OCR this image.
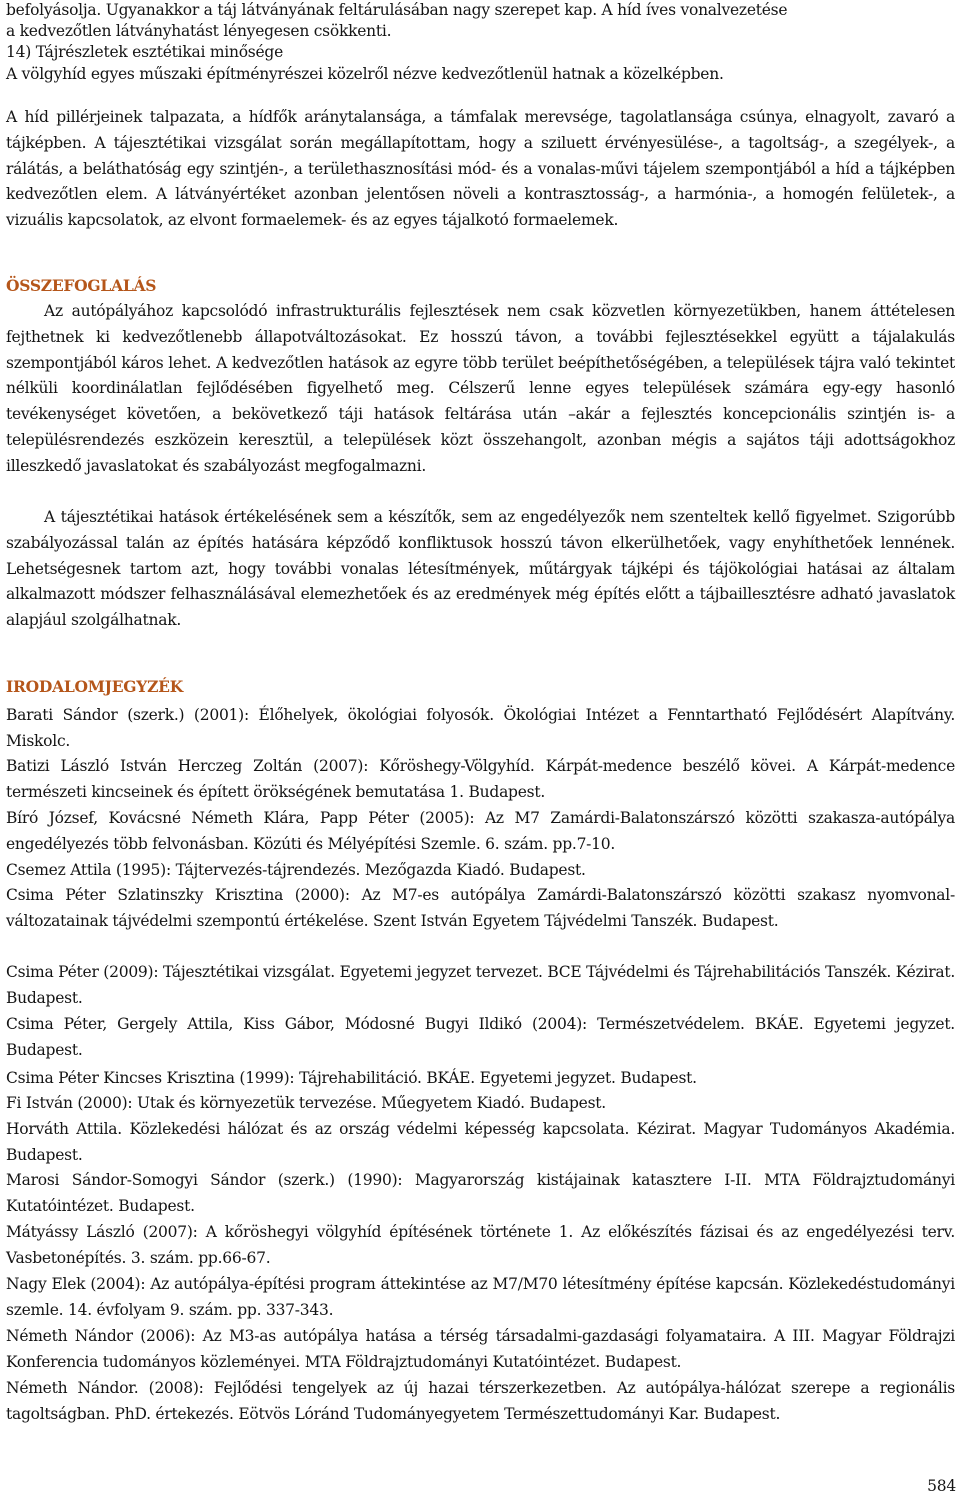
befolyásolja. Ugyanakkor a táj látványának feltárulásában nagy szerepet kap. A híd íves vonalvezetése
a kedvezőtlen látványhatást lényegesen csökkenti.
14) Tájrészletek esztétikai minősége
A völgyhíd egyes műszaki építményrészei közelről nézve kedvezőtlenül hatnak a közelképben.
A híd pillérjeinek talpazata, a hídfők aránytalansága, a támfalak merevsége, tagolatlansága csúnya, elnagyolt, zavaró a tájképben. A tájesztétikai vizsgálat során megállapítottam, hogy a sziluett érvényesülése-, a tagoltság-, a szegélyek-, a rálátás, a beláthatóság egy szintjén-, a területhasznosítási mód- és a vonalas-művi tájelem szempontjából a híd a tájképben kedvezőtlen elem. A látványértéket azonban jelentősen növeli a kontrasztosság-, a harmónia-, a homogén felületek-, a vizuális kapcsolatok, az elvont formaelemek- és az egyes tájalkotó formaelemek.
ÖSSZEFOGLALÁS
Az autópályához kapcsolódó infrastrukturális fejlesztések nem csak közvetlen környezetükben, hanem áttételesen fejthetnek ki kedvezőtlenebb állapotváltozásokat. Ez hosszú távon, a további fejlesztésekkel együtt a tájalakulás szempontjából káros lehet. A kedvezőtlen hatások az egyre több terület beépíthetőségében, a települések tájra való tekintet nélküli koordinálatlan fejlődésében figyelhető meg. Célszerű lenne egyes települések számára egy-egy hasonló tevékenységet követően, a bekövetkező táji hatások feltárása után –akár a fejlesztés koncepcionális szintjén is- a településrendezés eszközein keresztül, a települések közt összehangolt, azonban mégis a sajátos táji adottságokhoz illeszkedő javaslatokat és szabályozást megfogalmazni.
A tájesztétikai hatások értékelésének sem a készítők, sem az engedélyezők nem szenteltek kellő figyelmet. Szigorúbb szabályozással talán az építés hatására képződő konfliktusok hosszú távon elkerülhetőek, vagy enyhíthetőek lennének. Lehetségesnek tartom azt, hogy további vonalas létesítmények, műtárgyak tájképi és tájökológiai hatásai az általam alkalmazott módszer felhasználásával elemezhetőek és az eredmények még építés előtt a tájbaillesztésre adható javaslatok alapjául szolgálhatnak.
IRODALOMJEGYZÉK
Barati Sándor (szerk.) (2001): Élőhelyek, ökológiai folyosók. Ökológiai Intézet a Fenntartható Fejlődésért Alapítvány. Miskolc.
Batizi László István Herczeg Zoltán (2007): Kőröshegy-Völgyhíd. Kárpát-medence beszélő kövei. A Kárpát-medence természeti kincseinek és épített örökségének bemutatása 1. Budapest.
Bíró József, Kovácsné Németh Klára, Papp Péter (2005): Az M7 Zamárdi-Balatonszárszó közötti szakasza-autópálya engedélyezés több felvonásban. Közúti és Mélyépítési Szemle. 6. szám. pp.7-10.
Csemez Attila (1995): Tájtervezés-tájrendezés. Mezőgazda Kiadó. Budapest.
Csima Péter Szlatinszky Krisztina (2000): Az M7-es autópálya Zamárdi-Balatonszárszó közötti szakasz nyomvonal-változatainak tájvédelmi szempontú értékelése. Szent István Egyetem Tájvédelmi Tanszék. Budapest.
Csima Péter (2009): Tájesztétikai vizsgálat. Egyetemi jegyzet tervezet. BCE Tájvédelmi és Tájrehabilitációs Tanszék. Kézirat. Budapest.
Csima Péter, Gergely Attila, Kiss Gábor, Módosné Bugyi Ildikó (2004): Természetvédelem. BKÁE. Egyetemi jegyzet. Budapest.
Csima Péter Kincses Krisztina (1999): Tájrehabilitáció. BKÁE. Egyetemi jegyzet. Budapest.
Fi István (2000): Utak és környezetük tervezése. Műegyetem Kiadó. Budapest.
Horváth Attila. Közlekedési hálózat és az ország védelmi képesség kapcsolata. Kézirat. Magyar Tudományos Akadémia. Budapest.
Marosi Sándor-Somogyi Sándor (szerk.) (1990): Magyarország kistájainak katasztere I-II. MTA Földrajztudományi Kutatóintézet. Budapest.
Mátyássy László (2007): A kőröshegyi völgyhíd építésének története 1. Az előkészítés fázisai és az engedélyezési terv. Vasbetonépítés. 3. szám. pp.66-67.
Nagy Elek (2004): Az autópálya-építési program áttekintése az M7/M70 létesítmény építése kapcsán. Közlekedéstudományi szemle. 14. évfolyam 9. szám. pp. 337-343.
Németh Nándor (2006): Az M3-as autópálya hatása a térség társadalmi-gazdasági folyamataira. A III. Magyar Földrajzi Konferencia tudományos közleményei. MTA Földrajztudományi Kutatóintézet. Budapest.
Németh Nándor. (2008): Fejlődési tengelyek az új hazai térszerkezetben. Az autópálya-hálózat szerepe a regionális tagoltságban. PhD. értekezés. Eötvös Lóránd Tudományegyetem Természettudományi Kar. Budapest.
584
